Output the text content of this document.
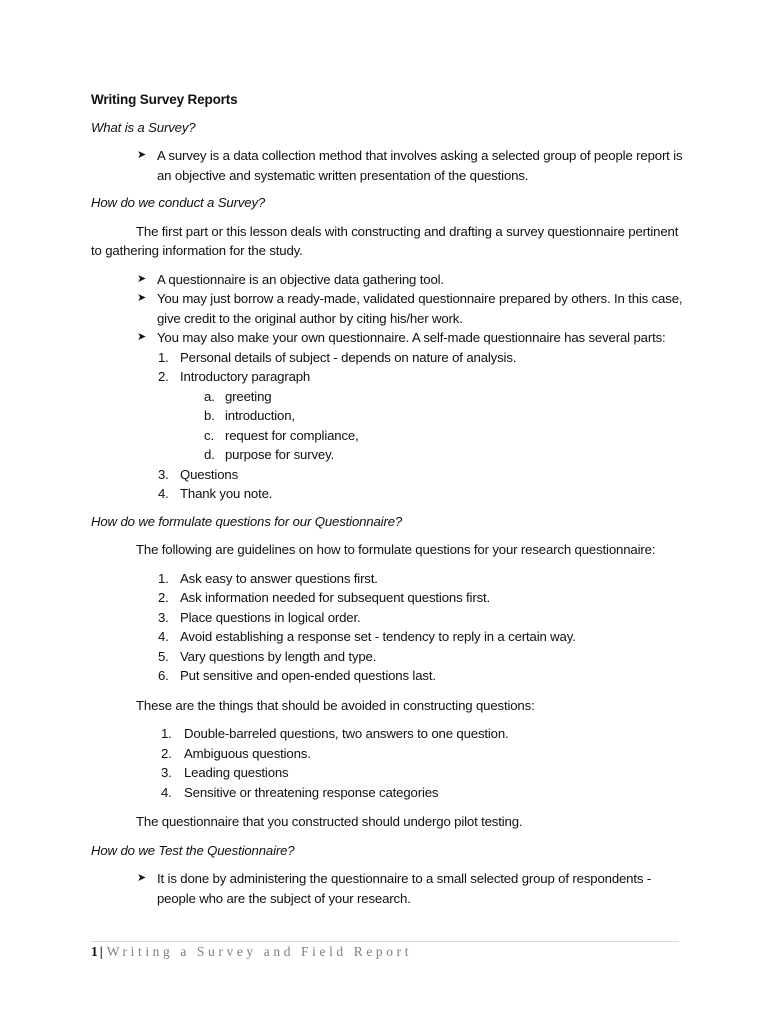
Writing Survey Reports
What is a Survey?
➤ A survey is a data collection method that involves asking a selected group of people report is an objective and systematic written presentation of the questions.
How do we conduct a Survey?

The first part or this lesson deals with constructing and drafting a survey questionnaire pertinent to gathering information for the study.

➤ A questionnaire is an objective data gathering tool.
➤ You may just borrow a ready-made, validated questionnaire prepared by others. In this case, give credit to the original author by citing his/her work.
➤ You may also make your own questionnaire. A self-made questionnaire has several parts:
1. Personal details of subject - depends on nature of analysis.
2. Introductory paragraph
a. greeting
b. introduction,
c. request for compliance,
d. purpose for survey.
3. Questions
4. Thank you note.
How do we formulate questions for our Questionnaire?

The following are guidelines on how to formulate questions for your research questionnaire:

1. Ask easy to answer questions first.
2. Ask information needed for subsequent questions first.
3. Place questions in logical order.
4. Avoid establishing a response set - tendency to reply in a certain way.
5. Vary questions by length and type.
6. Put sensitive and open-ended questions last.

These are the things that should be avoided in constructing questions:

1. Double-barreled questions, two answers to one question.
2. Ambiguous questions.
3. Leading questions
4. Sensitive or threatening response categories

The questionnaire that you constructed should undergo pilot testing.

How do we Test the Questionnaire?
➤ It is done by administering the questionnaire to a small selected group of respondents - people who are the subject of your research.
1 | Writing a Survey and Field Report
